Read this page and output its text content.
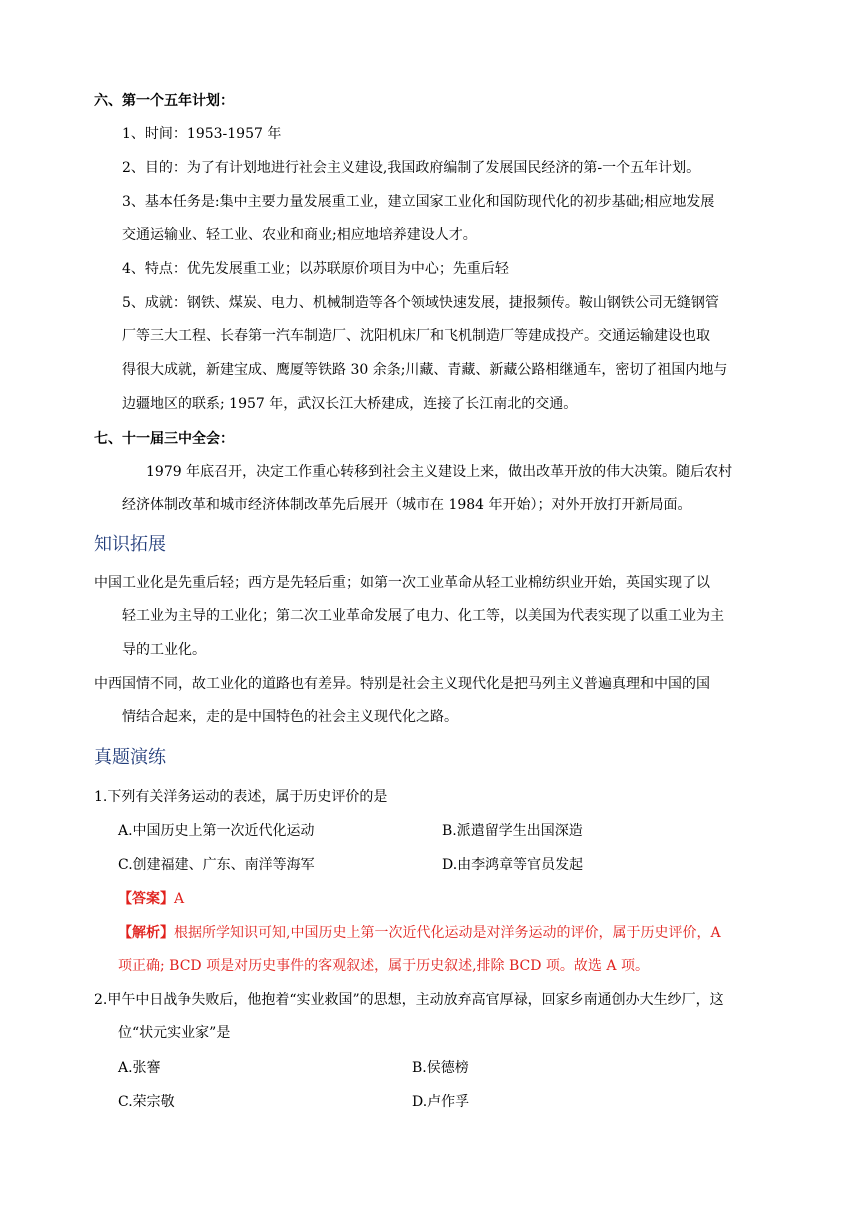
六、第一个五年计划：
1、时间：1953-1957 年
2、目的：为了有计划地进行社会主义建设,我国政府编制了发展国民经济的第-一个五年计划。
3、基本任务是:集中主要力量发展重工业，建立国家工业化和国防现代化的初步基础;相应地发展
交通运输业、轻工业、农业和商业;相应地培养建设人才。
4、特点：优先发展重工业；以苏联原价项目为中心；先重后轻
5、成就：钢铁、煤炭、电力、机械制造等各个领域快速发展，捷报频传。鞍山钢铁公司无缝钢管
厂等三大工程、长春第一汽车制造厂、沈阳机床厂和飞机制造厂等建成投产。交通运输建设也取
得很大成就，新建宝成、鹰厦等铁路 30 余条;川藏、青藏、新藏公路相继通车，密切了祖国内地与
边疆地区的联系; 1957 年，武汉长江大桥建成，连接了长江南北的交通。
七、十一届三中全会：
1979 年底召开，决定工作重心转移到社会主义建设上来，做出改革开放的伟大决策。随后农村
经济体制改革和城市经济体制改革先后展开（城市在 1984 年开始）；对外开放打开新局面。
知识拓展
中国工业化是先重后轻；西方是先轻后重；如第一次工业革命从轻工业棉纺织业开始，英国实现了以
轻工业为主导的工业化；第二次工业革命发展了电力、化工等，以美国为代表实现了以重工业为主
导的工业化。
中西国情不同，故工业化的道路也有差异。特别是社会主义现代化是把马列主义普遍真理和中国的国
情结合起来，走的是中国特色的社会主义现代化之路。
真题演练
1.下列有关洋务运动的表述，属于历史评价的是
A.中国历史上第一次近代化运动	B.派遣留学生出国深造
C.创建福建、广东、南洋等海军	D.由李鸿章等官员发起
【答案】A
【解析】根据所学知识可知,中国历史上第一次近代化运动是对洋务运动的评价，属于历史评价，A
项正确; BCD 项是对历史事件的客观叙述，属于历史叙述,排除 BCD 项。故选 A 项。
2.甲午中日战争失败后，他抱着“实业救国”的思想，主动放弃高官厚禄，回家乡南通创办大生纱厂，这
位“状元实业家”是
A.张謇	B.侯德榜
C.荣宗敬	D.卢作孚
